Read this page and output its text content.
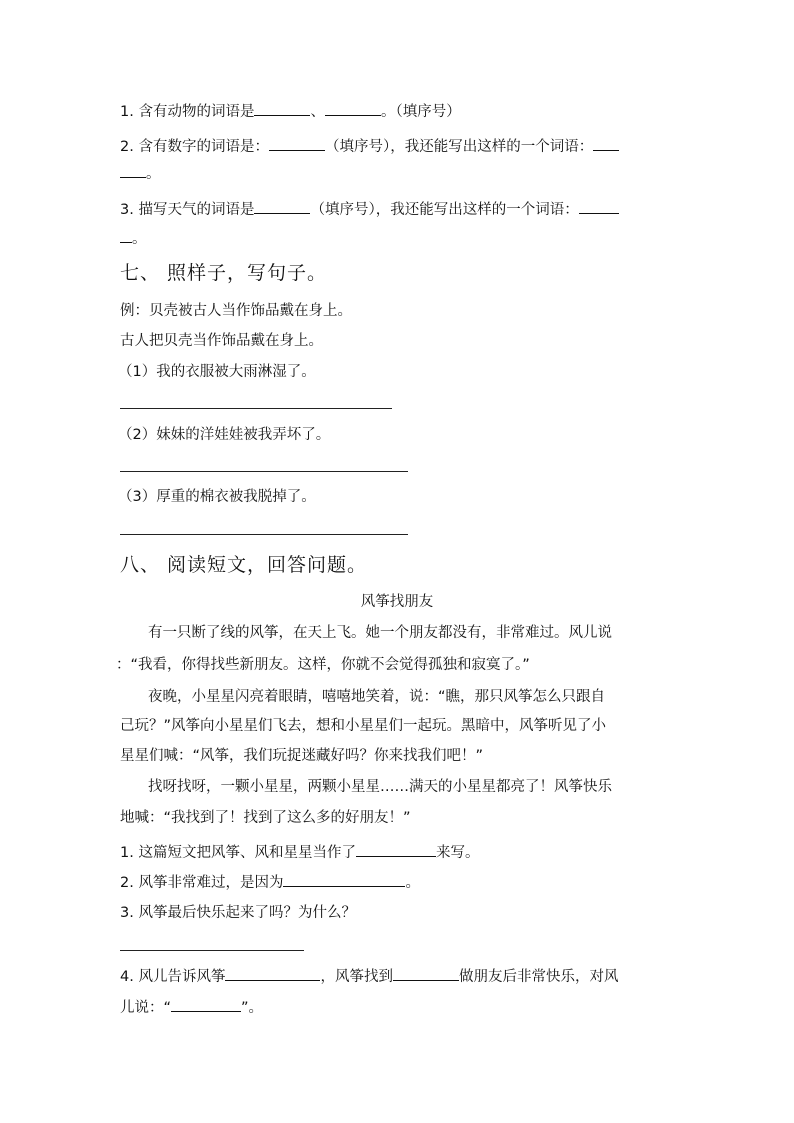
1. 含有动物的词语是	、	。（填序号）
2. 含有数字的词语是：	（填序号），我还能写出这样的一个词语：
。
3. 描写天气的词语是	（填序号），我还能写出这样的一个词语：
。
七、 照样子，写句子。
例：贝壳被古人当作饰品戴在身上。
古人把贝壳当作饰品戴在身上。
（1）我的衣服被大雨淋湿了。
（2）妹妹的洋娃娃被我弄坏了。
（3）厚重的棉衣被我脱掉了。
八、 阅读短文，回答问题。
风筝找朋友
有一只断了线的风筝，在天上飞。她一个朋友都没有，非常难过。风儿说
：“我看，你得找些新朋友。这样，你就不会觉得孤独和寂寞了。”
夜晚，小星星闪亮着眼睛，嘻嘻地笑着，说：“瞧，那只风筝怎么只跟自
己玩？”风筝向小星星们飞去，想和小星星们一起玩。黑暗中，风筝听见了小
星星们喊：“风筝，我们玩捉迷藏好吗？你来找我们吧！”
找呀找呀，一颗小星星，两颗小星星……满天的小星星都亮了！风筝快乐
地喊：“我找到了！找到了这么多的好朋友！”
1. 这篇短文把风筝、风和星星当作了	来写。
2. 风筝非常难过，是因为	。
3. 风筝最后快乐起来了吗？为什么？
4. 风儿告诉风筝	，风筝找到	做朋友后非常快乐，对风
儿说：“	”。
